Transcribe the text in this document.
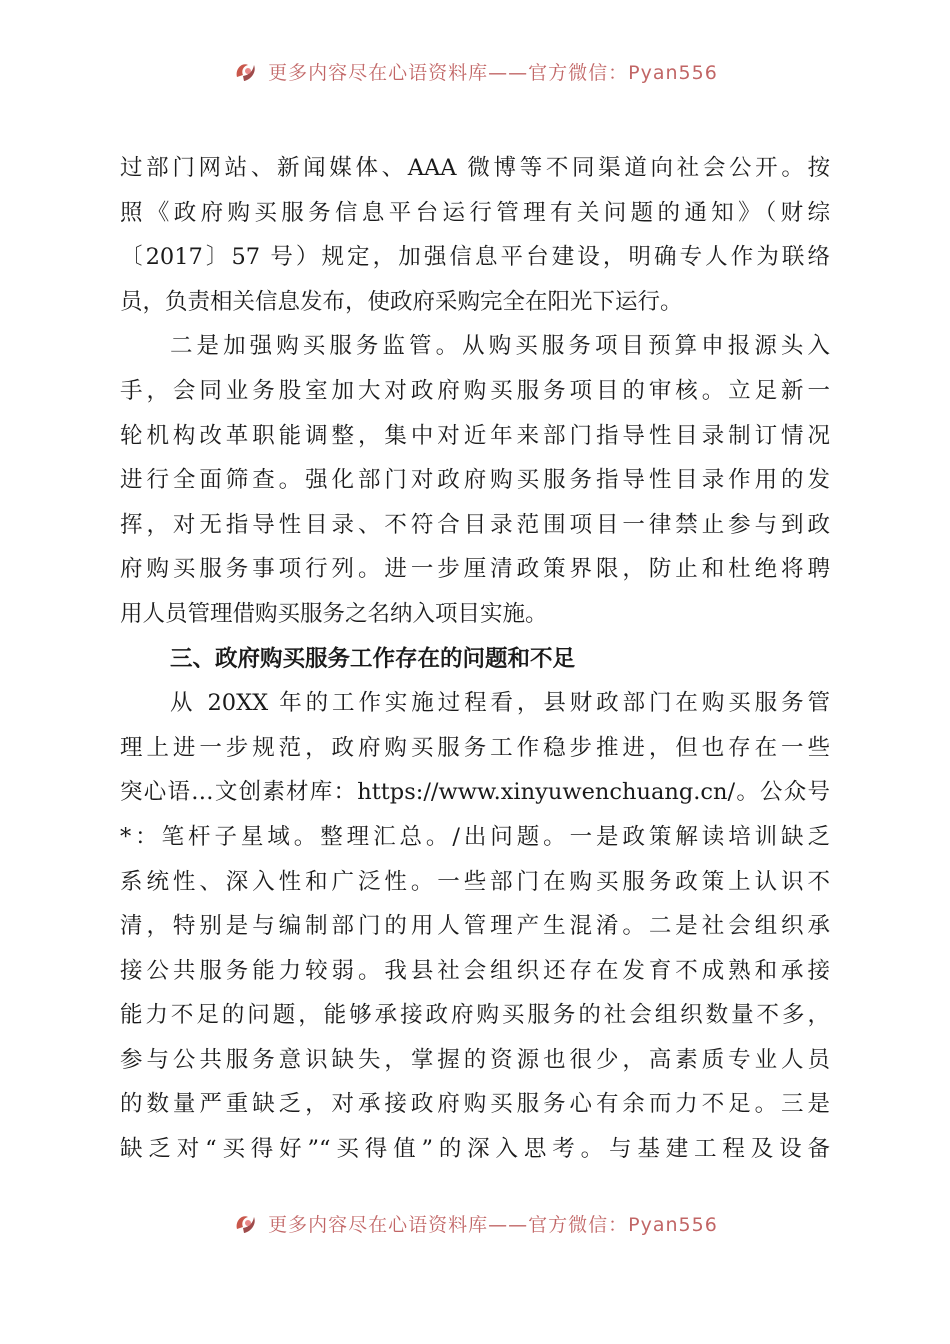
更多内容尽在心语资料库——官方微信：Pyan556
过部门网站、新闻媒体、AAA 微博等不同渠道向社会公开。按
照《政府购买服务信息平台运行管理有关问题的通知》（财综
〔2017〕57 号）规定，加强信息平台建设，明确专人作为联络
员，负责相关信息发布，使政府采购完全在阳光下运行。
二是加强购买服务监管。从购买服务项目预算申报源头入
手，会同业务股室加大对政府购买服务项目的审核。立足新一
轮机构改革职能调整，集中对近年来部门指导性目录制订情况
进行全面筛查。强化部门对政府购买服务指导性目录作用的发
挥，对无指导性目录、不符合目录范围项目一律禁止参与到政
府购买服务事项行列。进一步厘清政策界限，防止和杜绝将聘
用人员管理借购买服务之名纳入项目实施。
三、政府购买服务工作存在的问题和不足
从 20XX 年的工作实施过程看，县财政部门在购买服务管
理上进一步规范，政府购买服务工作稳步推进，但也存在一些
突心语…文创素材库：https://www.xinyuwenchuang.cn/。公众号
*：笔杆子星域。整理汇总。/出问题。一是政策解读培训缺乏
系统性、深入性和广泛性。一些部门在购买服务政策上认识不
清，特别是与编制部门的用人管理产生混淆。二是社会组织承
接公共服务能力较弱。我县社会组织还存在发育不成熟和承接
能力不足的问题，能够承接政府购买服务的社会组织数量不多，
参与公共服务意识缺失，掌握的资源也很少，高素质专业人员
的数量严重缺乏，对承接政府购买服务心有余而力不足。三是
缺乏对“买得好”“买得值”的深入思考。与基建工程及设备
更多内容尽在心语资料库——官方微信：Pyan556
